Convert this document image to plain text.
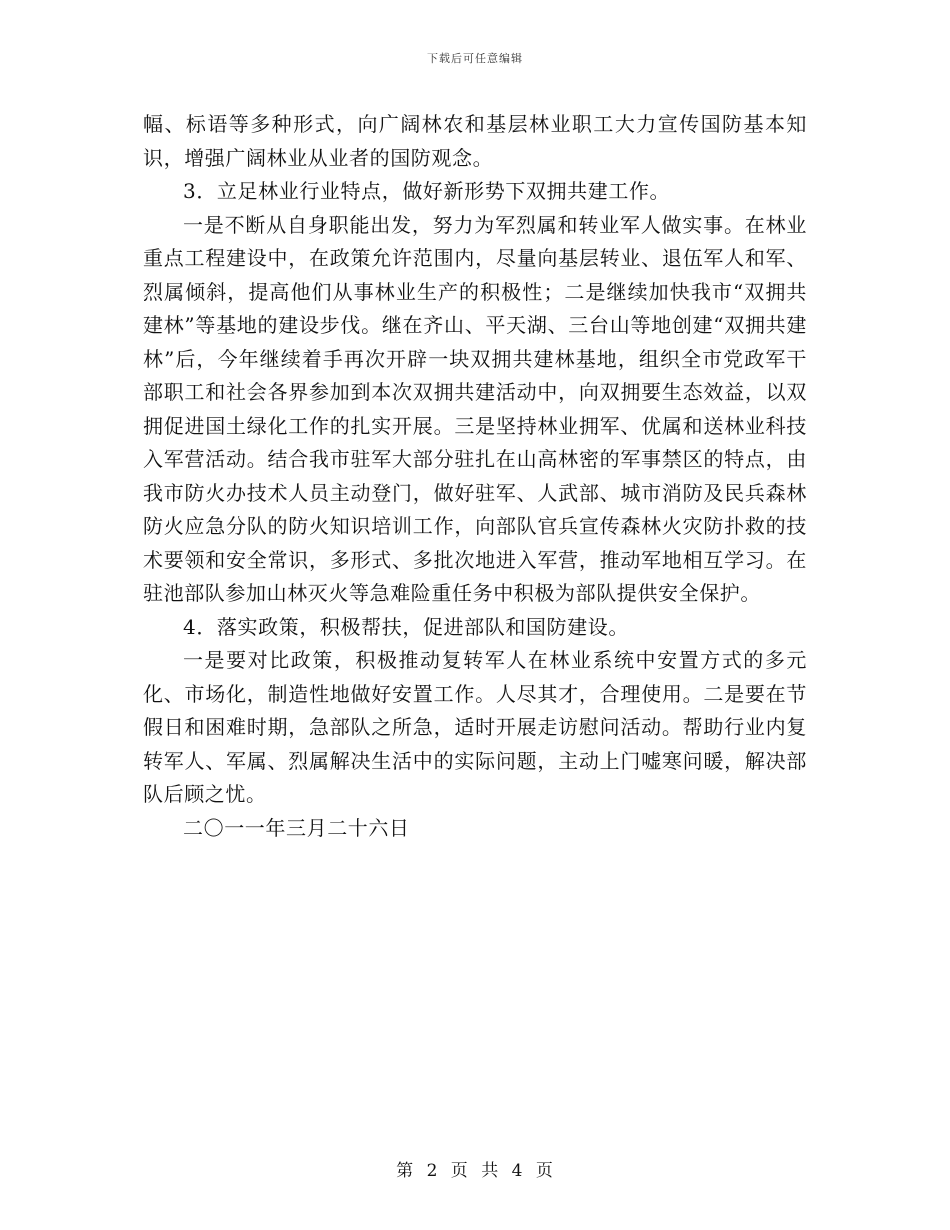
下载后可任意编辑

幅、标语等多种形式，向广阔林农和基层林业职工大力宣传国防基本知识，增强广阔林业从业者的国防观念。

3．立足林业行业特点，做好新形势下双拥共建工作。

一是不断从自身职能出发，努力为军烈属和转业军人做实事。在林业重点工程建设中，在政策允许范围内，尽量向基层转业、退伍军人和军、烈属倾斜，提高他们从事林业生产的积极性；二是继续加快我市“双拥共建林”等基地的建设步伐。继在齐山、平天湖、三台山等地创建“双拥共建林”后，今年继续着手再次开辟一块双拥共建林基地，组织全市党政军干部职工和社会各界参加到本次双拥共建活动中，向双拥要生态效益，以双拥促进国土绿化工作的扎实开展。三是坚持林业拥军、优属和送林业科技入军营活动。结合我市驻军大部分驻扎在山高林密的军事禁区的特点，由我市防火办技术人员主动登门，做好驻军、人武部、城市消防及民兵森林防火应急分队的防火知识培训工作，向部队官兵宣传森林火灾防扑救的技术要领和安全常识，多形式、多批次地进入军营，推动军地相互学习。在驻池部队参加山林灭火等急难险重任务中积极为部队提供安全保护。

4．落实政策，积极帮扶，促进部队和国防建设。

一是要对比政策，积极推动复转军人在林业系统中安置方式的多元化、市场化，制造性地做好安置工作。人尽其才，合理使用。二是要在节假日和困难时期，急部队之所急，适时开展走访慰问活动。帮助行业内复转军人、军属、烈属解决生活中的实际问题，主动上门嘘寒问暖，解决部队后顾之忧。

二〇一一年三月二十六日

第 2 页 共 4 页
